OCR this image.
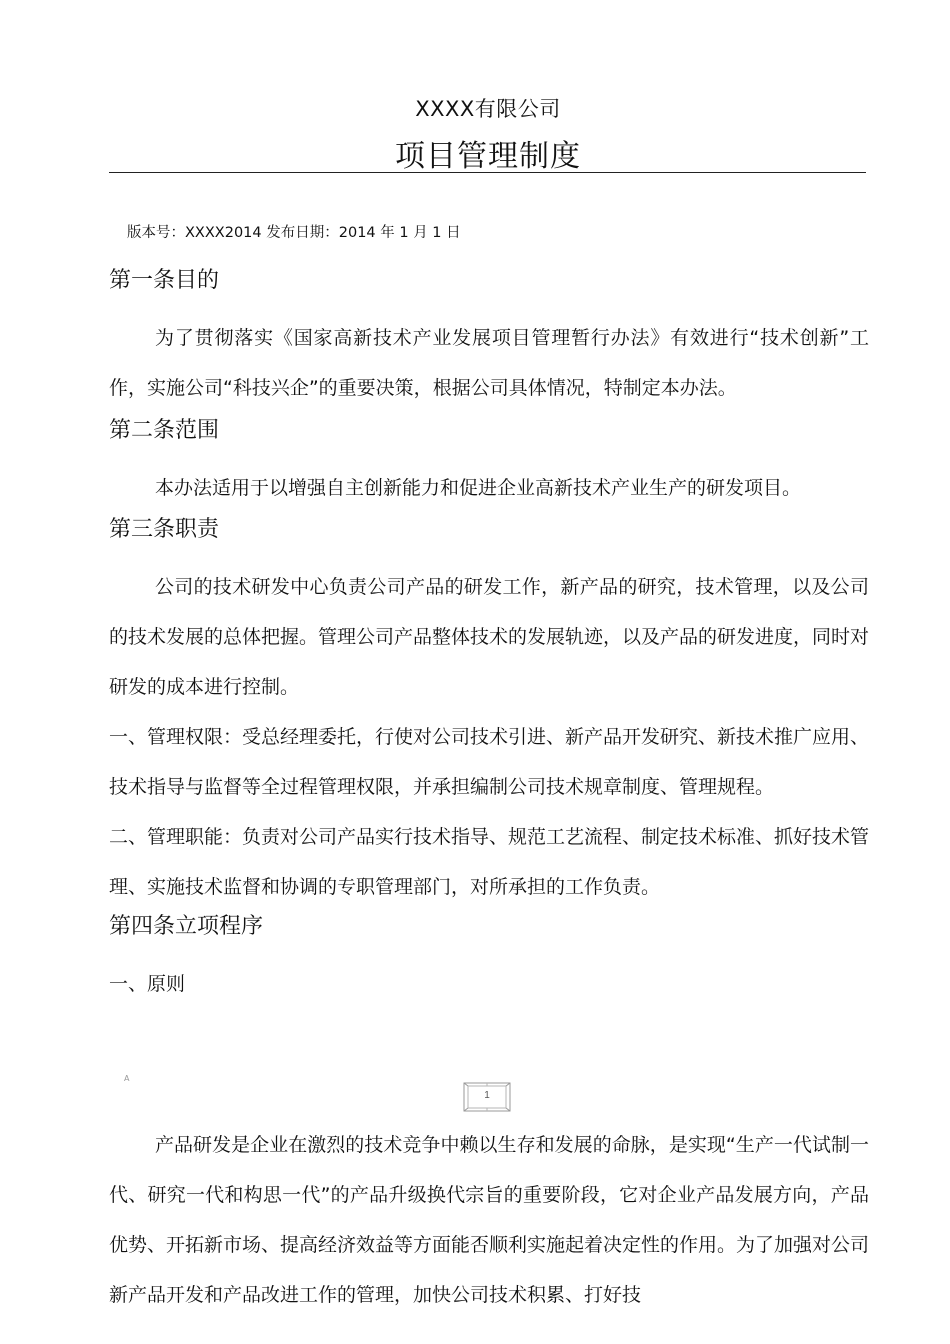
XXXX有限公司
项目管理制度
版本号：XXXX2014 发布日期：2014 年 1 月 1 日

第一条目的

为了贯彻落实《国家高新技术产业发展项目管理暂行办法》有效进行“技术创新”工作，实施公司“科技兴企”的重要决策，根据公司具体情况，特制定本办法。

第二条范围

本办法适用于以增强自主创新能力和促进企业高新技术产业生产的研发项目。

第三条职责

公司的技术研发中心负责公司产品的研发工作，新产品的研究，技术管理，以及公司的技术发展的总体把握。管理公司产品整体技术的发展轨迹，以及产品的研发进度，同时对研发的成本进行控制。

一、管理权限：受总经理委托，行使对公司技术引进、新产品开发研究、新技术推广应用、技术指导与监督等全过程管理权限，并承担编制公司技术规章制度、管理规程。

二、管理职能：负责对公司产品实行技术指导、规范工艺流程、制定技术标准、抓好技术管理、实施技术监督和协调的专职管理部门，对所承担的工作负责。

第四条立项程序

一、原则

A
1

产品研发是企业在激烈的技术竞争中赖以生存和发展的命脉，是实现“生产一代试制一代、研究一代和构思一代”的产品升级换代宗旨的重要阶段，它对企业产品发展方向，产品优势、开拓新市场、提高经济效益等方面能否顺利实施起着决定性的作用。为了加强对公司新产品开发和产品改进工作的管理，加快公司技术积累、打好技
